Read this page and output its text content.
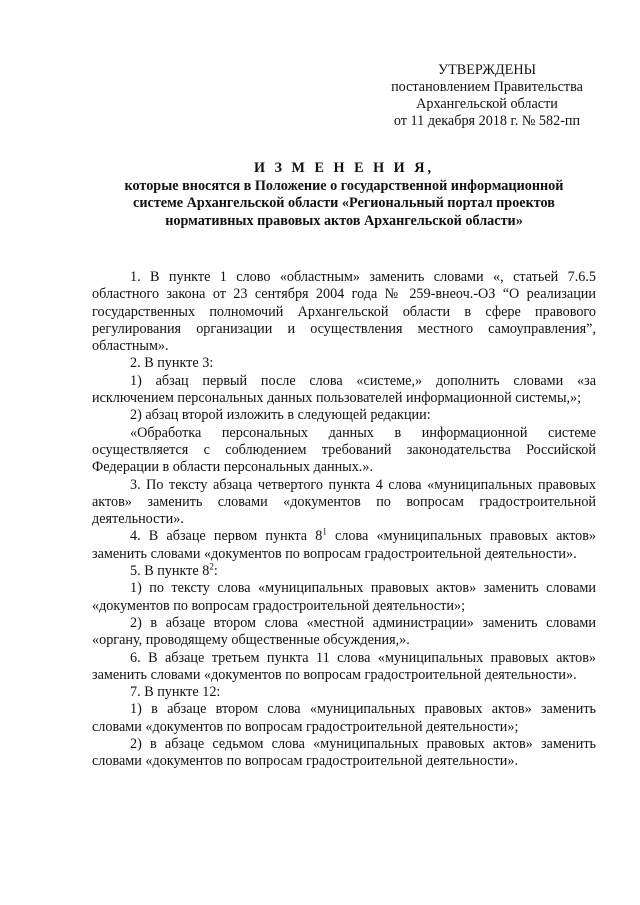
УТВЕРЖДЕНЫ
постановлением Правительства
Архангельской области
от 11 декабря 2018 г. № 582-пп
И З М Е Н Е Н И Я,
которые вносятся в Положение о государственной информационной
системе Архангельской области «Региональный портал проектов
нормативных правовых актов Архангельской области»

1. В пункте 1 слово «областным» заменить словами «, статьей 7.6.5 областного закона от 23 сентября 2004 года № 259-внеоч.-ОЗ “О реализации государственных полномочий Архангельской области в сфере правового регулирования организации и осуществления местного самоуправления”, областным».

2. В пункте 3:

1) абзац первый после слова «системе,» дополнить словами «за исключением персональных данных пользователей информационной системы,»;

2) абзац второй изложить в следующей редакции:

«Обработка персональных данных в информационной системе осуществляется с соблюдением требований законодательства Российской Федерации в области персональных данных.».

3. По тексту абзаца четвертого пункта 4 слова «муниципальных правовых актов» заменить словами «документов по вопросам градостроительной деятельности».

4. В абзаце первом пункта $8^1$ слова «муниципальных правовых актов» заменить словами «документов по вопросам градостроительной деятельности».

5. В пункте $8^2$:

1) по тексту слова «муниципальных правовых актов» заменить словами «документов по вопросам градостроительной деятельности»;

2) в абзаце втором слова «местной администрации» заменить словами «органу, проводящему общественные обсуждения,».

6. В абзаце третьем пункта 11 слова «муниципальных правовых актов» заменить словами «документов по вопросам градостроительной деятельности».

7. В пункте 12:

1) в абзаце втором слова «муниципальных правовых актов» заменить словами «документов по вопросам градостроительной деятельности»;

2) в абзаце седьмом слова «муниципальных правовых актов» заменить словами «документов по вопросам градостроительной деятельности».
